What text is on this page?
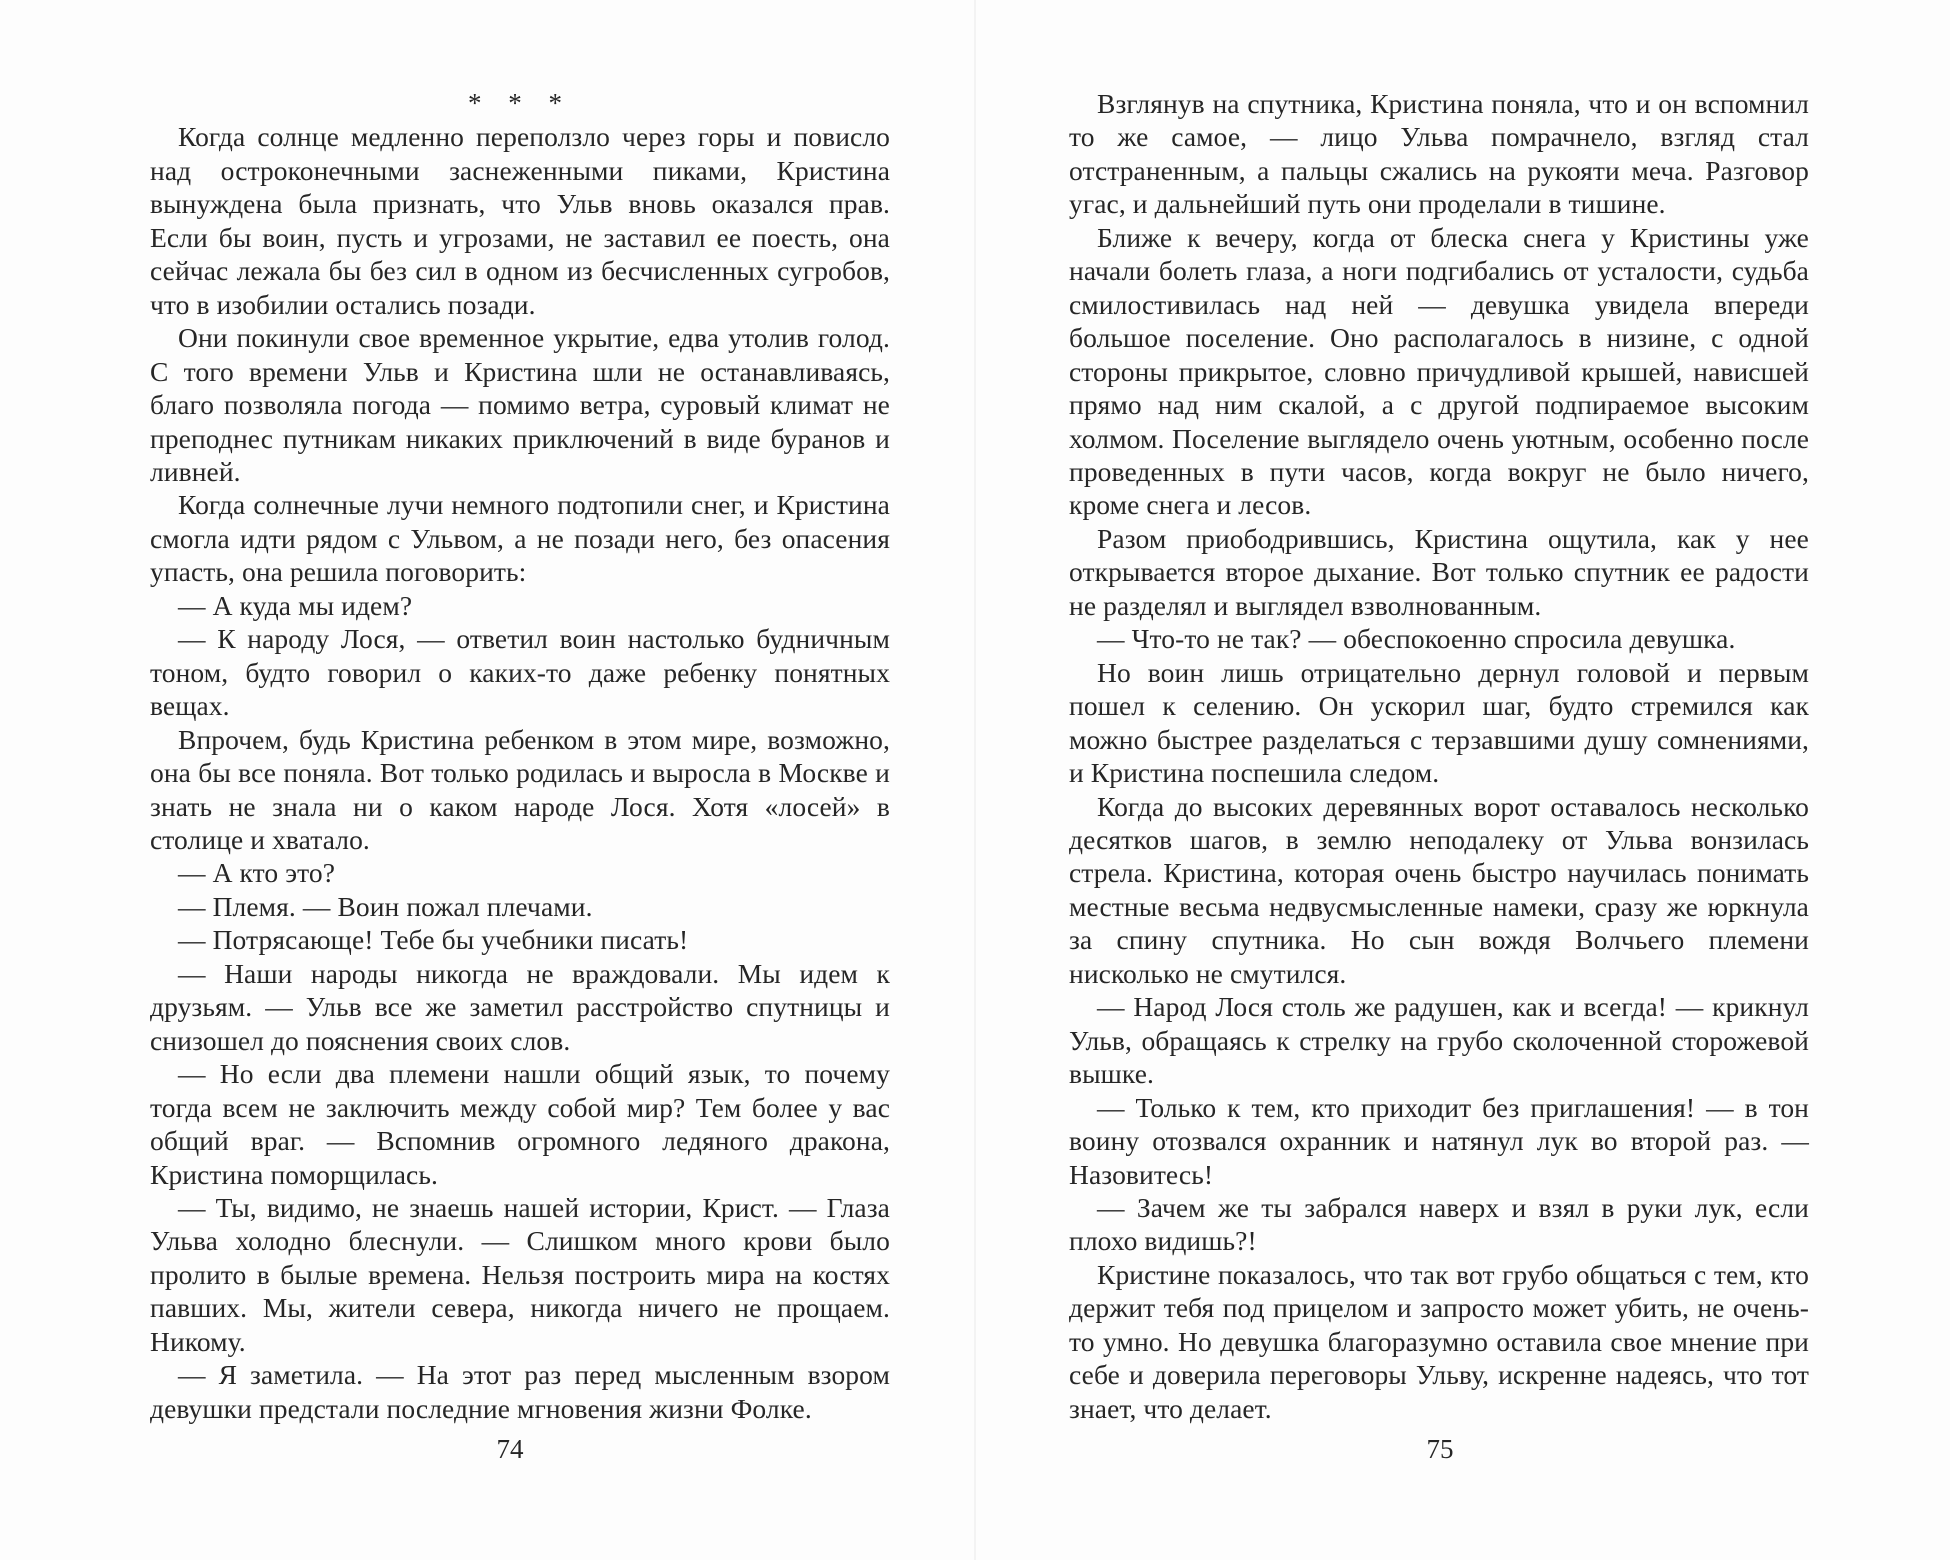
* * *

Когда солнце медленно переползло через горы и повисло над остроконечными заснеженными пиками, Кристина вынуждена была признать, что Ульв вновь оказался прав. Если бы воин, пусть и угрозами, не заставил ее поесть, она сейчас лежала бы без сил в одном из бесчисленных сугробов, что в изобилии остались позади.

Они покинули свое временное укрытие, едва утолив голод. С того времени Ульв и Кристина шли не останавливаясь, благо позволяла погода — помимо ветра, суровый климат не преподнес путникам никаких приключений в виде буранов и ливней.

Когда солнечные лучи немного подтопили снег, и Кристина смогла идти рядом с Ульвом, а не позади него, без опасения упасть, она решила поговорить:

— А куда мы идем?

— К народу Лося, — ответил воин настолько будничным тоном, будто говорил о каких-то даже ребенку понятных вещах.

Впрочем, будь Кристина ребенком в этом мире, возможно, она бы все поняла. Вот только родилась и выросла в Москве и знать не знала ни о каком народе Лося. Хотя «лосей» в столице и хватало.

— А кто это?

— Племя. — Воин пожал плечами.

— Потрясающе! Тебе бы учебники писать!

— Наши народы никогда не враждовали. Мы идем к друзьям. — Ульв все же заметил расстройство спутницы и снизошел до пояснения своих слов.

— Но если два племени нашли общий язык, то почему тогда всем не заключить между собой мир? Тем более у вас общий враг. — Вспомнив огромного ледяного дракона, Кристина поморщилась.

— Ты, видимо, не знаешь нашей истории, Крист. — Глаза Ульва холодно блеснули. — Слишком много крови было пролито в былые времена. Нельзя построить мира на костях павших. Мы, жители севера, никогда ничего не прощаем. Никому.

— Я заметила. — На этот раз перед мысленным взором девушки предстали последние мгновения жизни Фолке.

74

Взглянув на спутника, Кристина поняла, что и он вспомнил то же самое, — лицо Ульва помрачнело, взгляд стал отстраненным, а пальцы сжались на рукояти меча. Разговор угас, и дальнейший путь они проделали в тишине.

Ближе к вечеру, когда от блеска снега у Кристины уже начали болеть глаза, а ноги подгибались от усталости, судьба смилостивилась над ней — девушка увидела впереди большое поселение. Оно располагалось в низине, с одной стороны прикрытое, словно причудливой крышей, нависшей прямо над ним скалой, а с другой подпираемое высоким холмом. Поселение выглядело очень уютным, особенно после проведенных в пути часов, когда вокруг не было ничего, кроме снега и лесов.

Разом приободрившись, Кристина ощутила, как у нее открывается второе дыхание. Вот только спутник ее радости не разделял и выглядел взволнованным.

— Что-то не так? — обеспокоенно спросила девушка.

Но воин лишь отрицательно дернул головой и первым пошел к селению. Он ускорил шаг, будто стремился как можно быстрее разделаться с терзавшими душу сомнениями, и Кристина поспешила следом.

Когда до высоких деревянных ворот оставалось несколько десятков шагов, в землю неподалеку от Ульва вонзилась стрела. Кристина, которая очень быстро научилась понимать местные весьма недвусмысленные намеки, сразу же юркнула за спину спутника. Но сын вождя Волчьего племени нисколько не смутился.

— Народ Лося столь же радушен, как и всегда! — крикнул Ульв, обращаясь к стрелку на грубо сколоченной сторожевой вышке.

— Только к тем, кто приходит без приглашения! — в тон воину отозвался охранник и натянул лук во второй раз. — Назовитесь!

— Зачем же ты забрался наверх и взял в руки лук, если плохо видишь?!

Кристине показалось, что так вот грубо общаться с тем, кто держит тебя под прицелом и запросто может убить, не очень-то умно. Но девушка благоразумно оставила свое мнение при себе и доверила переговоры Ульву, искренне надеясь, что тот знает, что делает.

75
